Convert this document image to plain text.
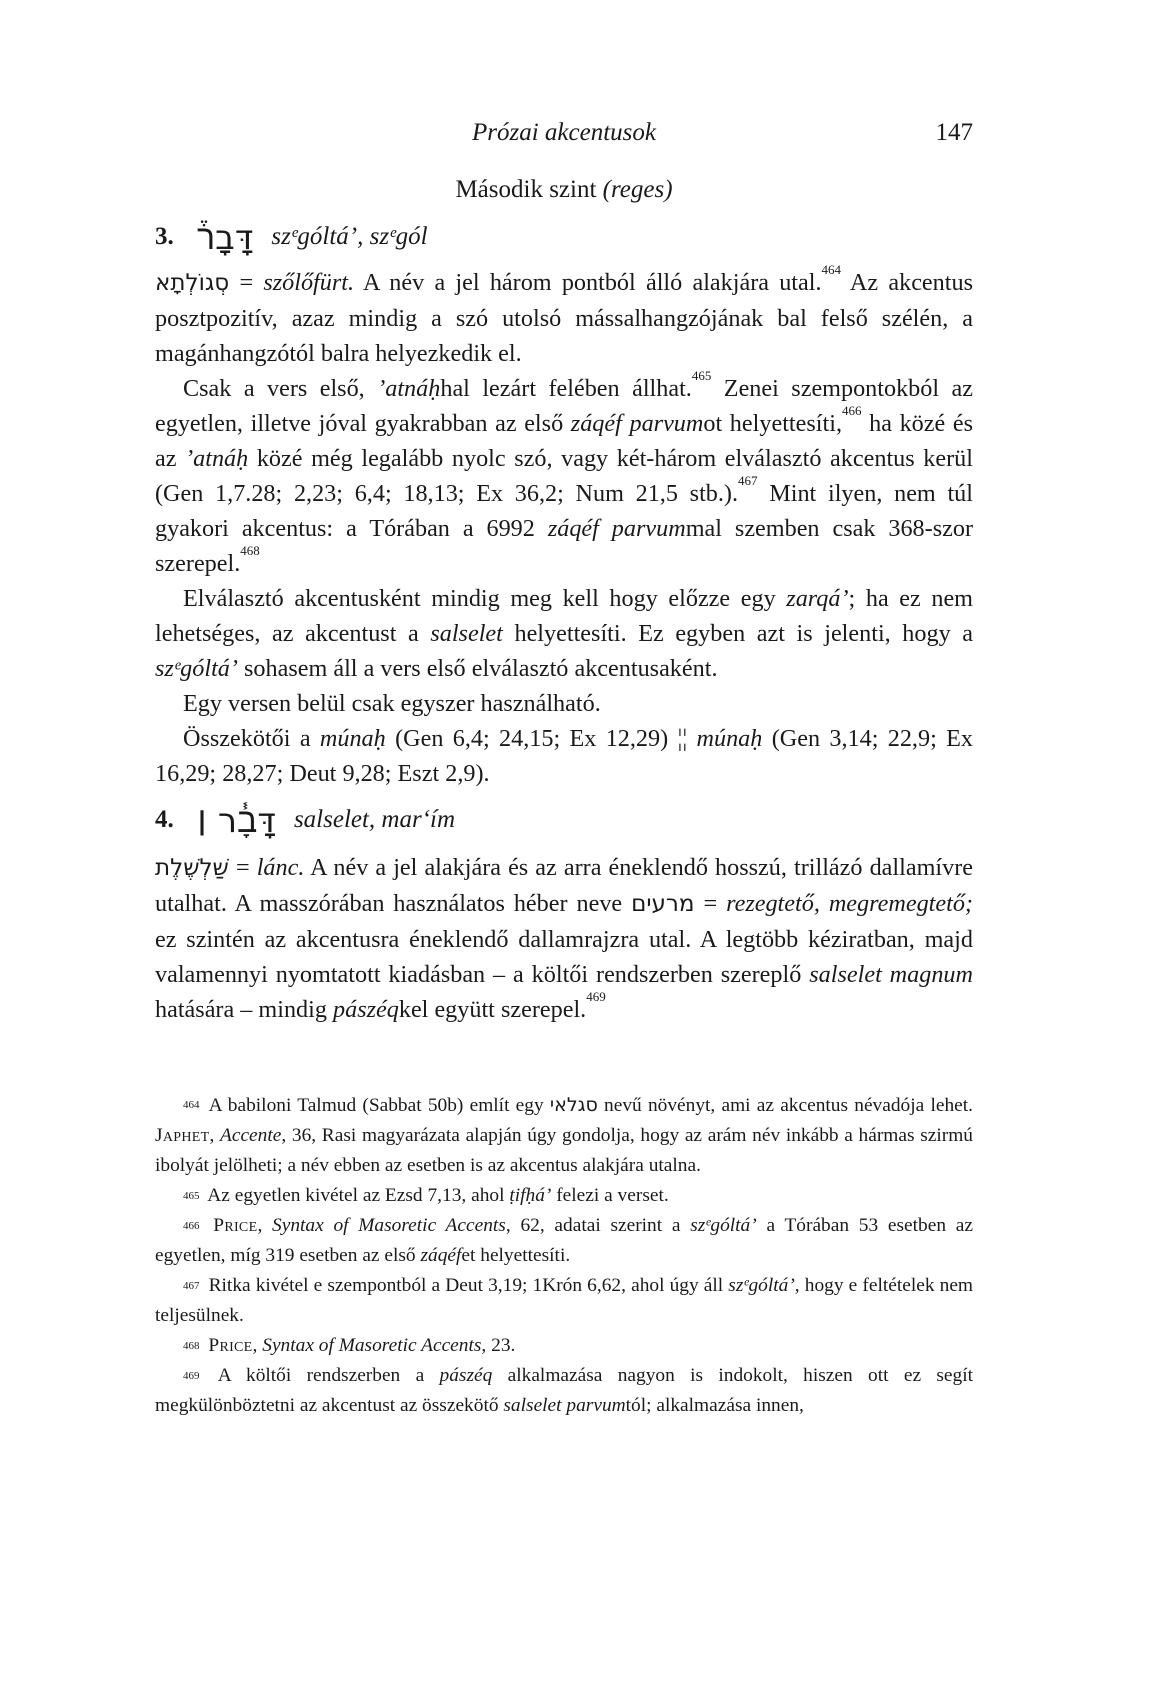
Prózai akcentusok	147
Második szint (reges)
3. דָּבָר֒ szᵉgóltá’, szᵉgól

סְגוֹלְתָא = szőlőfürt. A név a jel három pontból álló alakjára utal.$^{464}$ Az akcentus posztpozitív, azaz mindig a szó utolsó mássalhangzójának bal felső szélén, a magánhangzótól balra helyezkedik el.

Csak a vers első, ’atnáḥhal lezárt felében állhat.$^{465}$ Zenei szempontokból az egyetlen, illetve jóval gyakrabban az első záqéf parvumot helyettesíti,$^{466}$ ha közé és az ’atnáḥ közé még legalább nyolc szó, vagy két-három elválasztó akcentus kerül (Gen 1,7.28; 2,23; 6,4; 18,13; Ex 36,2; Num 21,5 stb.).$^{467}$ Mint ilyen, nem túl gyakori akcentus: a Tórában a 6992 záqéf parvummal szemben csak 368-szor szerepel.$^{468}$

Elválasztó akcentusként mindig meg kell hogy előzze egy zarqá’; ha ez nem lehetséges, az akcentust a salselet helyettesíti. Ez egyben azt is jelenti, hogy a szᵉgóltá’ sohasem áll a vers első elválasztó akcentusaként.

Egy versen belül csak egyszer használható.

Összekötői a múnaḥ (Gen 6,4; 24,15; Ex 12,29) ¦¦ múnaḥ (Gen 3,14; 22,9; Ex 16,29; 28,27; Deut 9,28; Eszt 2,9).

4. דָּבָ֓ר ׀ salselet, mar‘ím

שַׁלְשֶׁלֶת = lánc. A név a jel alakjára és az arra éneklendő hosszú, trillázó dallamívre utalhat. A masszórában használatos héber neve מרעים = rezegtető, megremegtető; ez szintén az akcentusra éneklendő dallamrajzra utal. A legtöbb kéziratban, majd valamennyi nyomtatott kiadásban – a költői rendszerben szereplő salselet magnum hatására – mindig pászéqkel együtt szerepel.$^{469}$

$^{464}$ A babiloni Talmud (Sabbat 50b) említ egy סגלאי nevű növényt, ami az akcentus névadója lehet. Japhet, Accente, 36, Rasi magyarázata alapján úgy gondolja, hogy az arám név inkább a hármas szirmú ibolyát jelölheti; a név ebben az esetben is az akcentus alakjára utalna.

$^{465}$ Az egyetlen kivétel az Ezsd 7,13, ahol ṭifḥá’ felezi a verset.

$^{466}$ Price, Syntax of Masoretic Accents, 62, adatai szerint a szᵉgóltá’ a Tórában 53 esetben az egyetlen, míg 319 esetben az első záqéfet helyettesíti.

$^{467}$ Ritka kivétel e szempontból a Deut 3,19; 1Krón 6,62, ahol úgy áll szᵉgóltá’, hogy e feltételek nem teljesülnek.

$^{468}$ Price, Syntax of Masoretic Accents, 23.

$^{469}$ A költői rendszerben a pászéq alkalmazása nagyon is indokolt, hiszen ott ez segít megkülönböztetni az akcentust az összekötő salselet parvumtól; alkalmazása innen,
